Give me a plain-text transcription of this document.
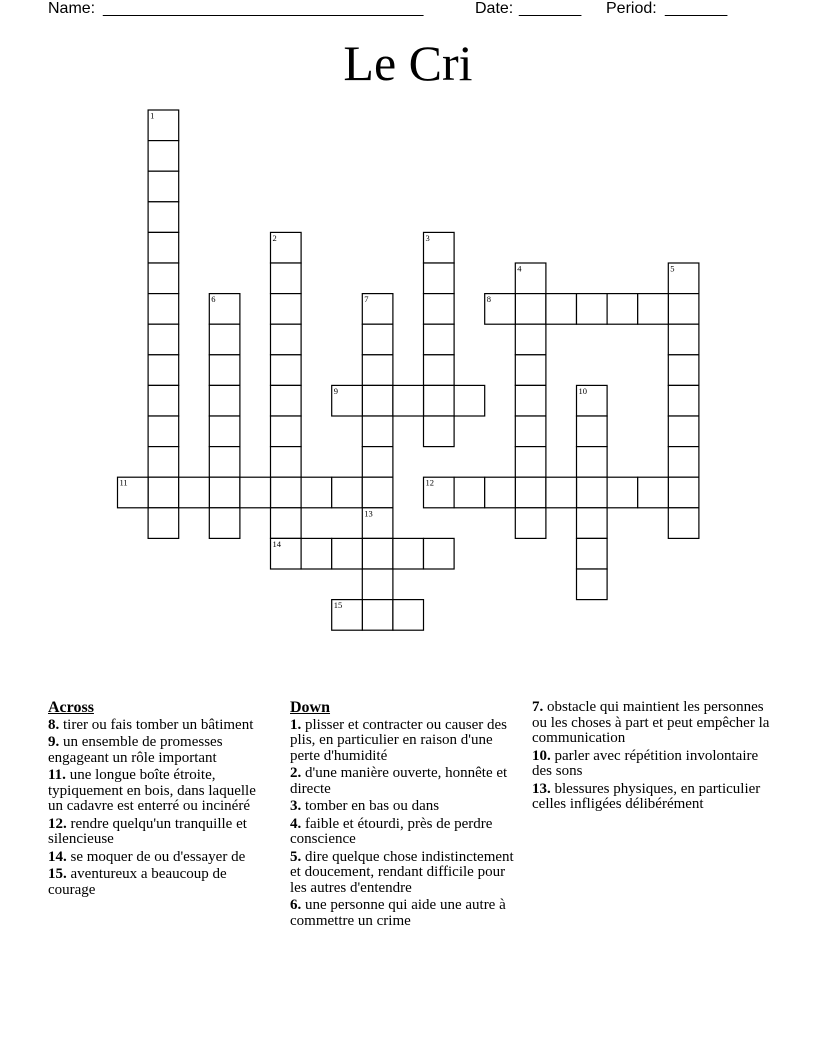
Name: ____________________________________	Date: _______ Period: _______
Le Cri
1
2	3
4	5
6	7	8
9	10
11	12
13
14
15
Across
8. tirer ou fais tomber un bâtiment
9. un ensemble de promesses engageant un rôle important
11. une longue boîte étroite, typiquement en bois, dans laquelle un cadavre est enterré ou incinéré
12. rendre quelqu'un tranquille et silencieuse
14. se moquer de ou d'essayer de
15. aventureux a beaucoup de courage
Down
1. plisser et contracter ou causer des plis, en particulier en raison d'une perte d'humidité
2. d'une manière ouverte, honnête et directe
3. tomber en bas ou dans
4. faible et étourdi, près de perdre conscience
5. dire quelque chose indistinctement et doucement, rendant difficile pour les autres d'entendre
6. une personne qui aide une autre à commettre un crime
7. obstacle qui maintient les personnes ou les choses à part et peut empêcher la communication
10. parler avec répétition involontaire des sons
13. blessures physiques, en particulier celles infligées délibérément
